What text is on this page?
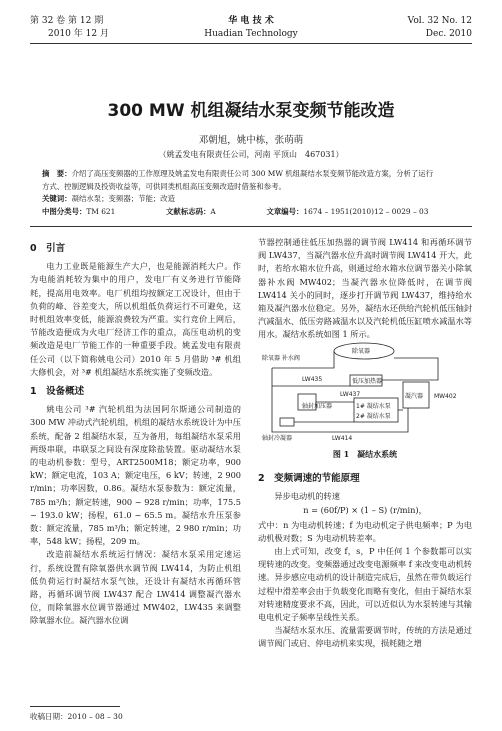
第 32 卷 第 12 期
2010 年 12 月
华 电 技 术
Huadian Technology
Vol. 32 No. 12
Dec. 2010
300 MW 机组凝结水泵变频节能改造
邓朝旭，姚中栋，张萌萌
（姚孟发电有限责任公司，河南 平顶山　467031）
摘　要：介绍了高压变频器的工作原理及姚孟发电有限责任公司 300 MW 机组凝结水泵变频节能改造方案，分析了运行
方式、控制逻辑及投资收益等，可供同类机组高压变频改造时借鉴和参考。
关键词：凝结水泵；变频器；节能；改造
中图分类号：TM 621	文献标志码：A	文章编号：1674 – 1951(2010)12 – 0029 – 03
0　引言

电力工业既是能源生产大户，也是能源消耗大户。作为电能消耗较为集中的用户，发电厂有义务进行节能降耗，提高用电效率。电厂机组均按额定工况设计，但由于负荷的峰、谷差变大，所以机组低负荷运行不可避免，这时机组效率变低，能源浪费较为严重。实行竞价上网后，节能改造便成为火电厂经济工作的重点，高压电动机的变频改造是电厂节能工作的一种重要手段。姚孟发电有限责任公司（以下简称姚电公司）2010 年 5 月借助 ³# 机组大修机会，对 ³# 机组凝结水系统实施了变频改造。

1　设备概述

姚电公司 ³# 汽轮机组为法国阿尔斯通公司制造的 300 MW 冲动式汽轮机组，机组的凝结水系统设计为中压系统，配备 2 组凝结水泵，互为备用，每组凝结水泵采用两级串联，串联泵之间设有深度除盐装置。驱动凝结水泵的电动机参数：型号，ART2500M18；额定功率，900 kW；额定电流，103 A；额定电压，6 kV；转速，2 900 r/min；功率因数，0.86。凝结水泵参数为：额定流量，785 m³/h；额定转速，900 ~ 928 r/min；功率，175.5 ~ 193.0 kW；扬程，61.0 ~ 65.5 m。凝结水升压泵参数：额定流量，785 m³/h；额定转速，2 980 r/min；功率，548 kW；扬程，209 m。

改造前凝结水系统运行情况：凝结水泵采用定速运行，系统设置有除氧器供水调节阀 LW414，为防止机组低负荷运行时凝结水泵气蚀，还设计有凝结水再循环管路，再循环调节阀 LW437 配合 LW414 调整凝汽器水位，而除氧器水位调节器通过 MW402，LW435 来调整除氧器水位。凝汽器水位调

收稿日期：2010 – 08 – 30

节器控制通往低压加热器的调节阀 LW414 和再循环调节阀 LW437，当凝汽器水位升高时调节阀 LW414 开大，此时，若给水箱水位升高，则通过给水箱水位调节器关小除氧器补水阀 MW402；当凝汽器水位降低时，在调节阀 LW414 关小的同时，逐步打开调节阀 LW437，维持给水箱及凝汽器水位稳定。另外，凝结水还供给汽轮机低压轴封汽减温水、低压旁路减温水以及汽轮机低压缸喷水减温水等用水。凝结水系统如图 1 所示。

除氧器
除氧器 补水阀
低压加热器
LW435
轴封加压器
LW437
1# 凝结水泵
2# 凝结水泵
凝汽器 MW402
轴封冷凝器	LW414
图 1　凝结水系统
2　变频调速的节能原理

异步电动机的转速

n = (60f/P) × (1 – S) (r/min)，

式中：n 为电动机转速；f 为电动机定子供电频率；P 为电动机极对数；S 为电动机转差率。

由上式可知，改变 f，s，P 中任何 1 个参数都可以实现转速的改变。变频器通过改变电源频率 f 来改变电动机转速。异步感应电动机的设计制造完成后，虽然在带负载运行过程中滑差率会由于负载变化而略有变化，但由于凝结水泵对转速精度要求不高，因此，可以近似认为水泵转速与其输电电机定子频率呈线性关系。

当凝结水泵水压、流量需要调节时，传统的方法是通过调节阀门或启、停电动机来实现，损耗随之增
